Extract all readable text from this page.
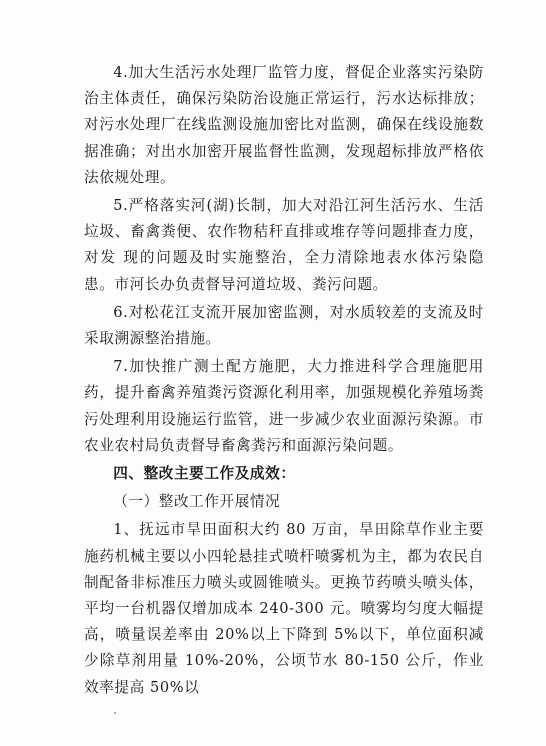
4.加大生活污水处理厂监管力度，督促企业落实污染防治主体责任，确保污染防治设施正常运行，污水达标排放；对污水处理厂在线监测设施加密比对监测，确保在线设施数据准确；对出水加密开展监督性监测，发现超标排放严格依法依规处理。

5.严格落实河(湖)长制，加大对沿江河生活污水、生活垃圾、畜禽粪便、农作物秸秆直排或堆存等问题排查力度，对发 现的问题及时实施整治，全力清除地表水体污染隐患。市河长办负责督导河道垃圾、粪污问题。

6.对松花江支流开展加密监测，对水质较差的支流及时采取溯源整治措施。

7.加快推广测土配方施肥，大力推进科学合理施肥用药，提升畜禽养殖粪污资源化利用率，加强规模化养殖场粪污处理利用设施运行监管，进一步减少农业面源污染源。市农业农村局负责督导畜禽粪污和面源污染问题。

四、整改主要工作及成效：

（一）整改工作开展情况

1、抚远市旱田面积大约 80 万亩，旱田除草作业主要施药机械主要以小四轮悬挂式喷杆喷雾机为主，都为农民自制配备非标准压力喷头或圆锥喷头。更换节药喷头喷头体，平均一台机器仅增加成本 240-300 元。喷雾均匀度大幅提高，喷量误差率由 20%以上下降到 5%以下，单位面积减少除草剂用量 10%-20%，公顷节水 80-150 公斤，作业效率提高 50%以
